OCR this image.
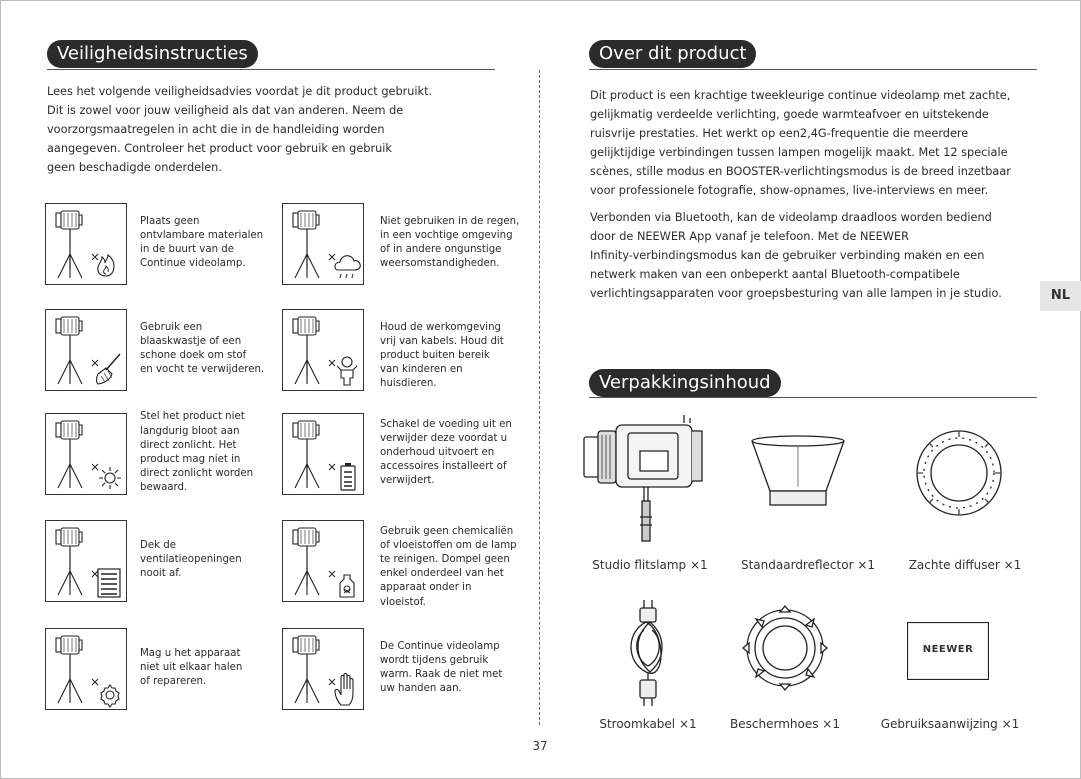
Veiligheidsinstructies

Lees het volgende veiligheidsadvies voordat je dit product gebruikt.

Dit is zowel voor jouw veiligheid als dat van anderen. Neem de

voorzorgsmaatregelen in acht die in de handleiding worden

aangegeven. Controleer het product voor gebruik en gebruik

geen beschadigde onderdelen.

Plaats geen
ontvlambare materialen
in de buurt van de
Continue videolamp.
Niet gebruiken in de regen,
in een vochtige omgeving
of in andere ongunstige
weersomstandigheden.
Gebruik een
blaaskwastje of een
schone doek om stof
en vocht te verwijderen.
Houd de werkomgeving
vrij van kabels. Houd dit
product buiten bereik
van kinderen en huisdieren.
Stel het product niet
langdurig bloot aan
direct zonlicht. Het
product mag niet in
direct zonlicht worden
bewaard.
Schakel de voeding uit en
verwijder deze voordat u
onderhoud uitvoert en
accessoires installeert of
verwijdert.
Dek de
ventilatieopeningen
nooit af.
Gebruik geen chemicaliën
of vloeistoffen om de lamp
te reinigen. Dompel geen
enkel onderdeel van het
apparaat onder in vloeistof.
Mag u het apparaat
niet uit elkaar halen
of repareren.
De Continue videolamp
wordt tijdens gebruik
warm. Raak de niet met
uw handen aan.
Over dit product

Dit product is een krachtige tweekleurige continue videolamp met zachte,

gelijkmatig verdeelde verlichting, goede warmteafvoer en uitstekende

ruisvrije prestaties. Het werkt op een2,4G-frequentie die meerdere

gelijktijdige verbindingen tussen lampen mogelijk maakt. Met 12 speciale

scènes, stille modus en BOOSTER-verlichtingsmodus is de breed inzetbaar

voor professionele fotografie, show-opnames, live-interviews en meer.

Verbonden via Bluetooth, kan de videolamp draadloos worden bediend

door de NEEWER App vanaf je telefoon. Met de NEEWER

Infinity-verbindingsmodus kan de gebruiker verbinding maken en een

netwerk maken van een onbeperkt aantal Bluetooth-compatibele

verlichtingsapparaten voor groepsbesturing van alle lampen in je studio.	NL
Verpakkingsinhoud
NEEWER
Studio flitslamp ×1	Standaardreflector ×1	Zachte diffuser ×1
Stroomkabel ×1	Beschermhoes ×1	Gebruiksaanwijzing ×1
37
